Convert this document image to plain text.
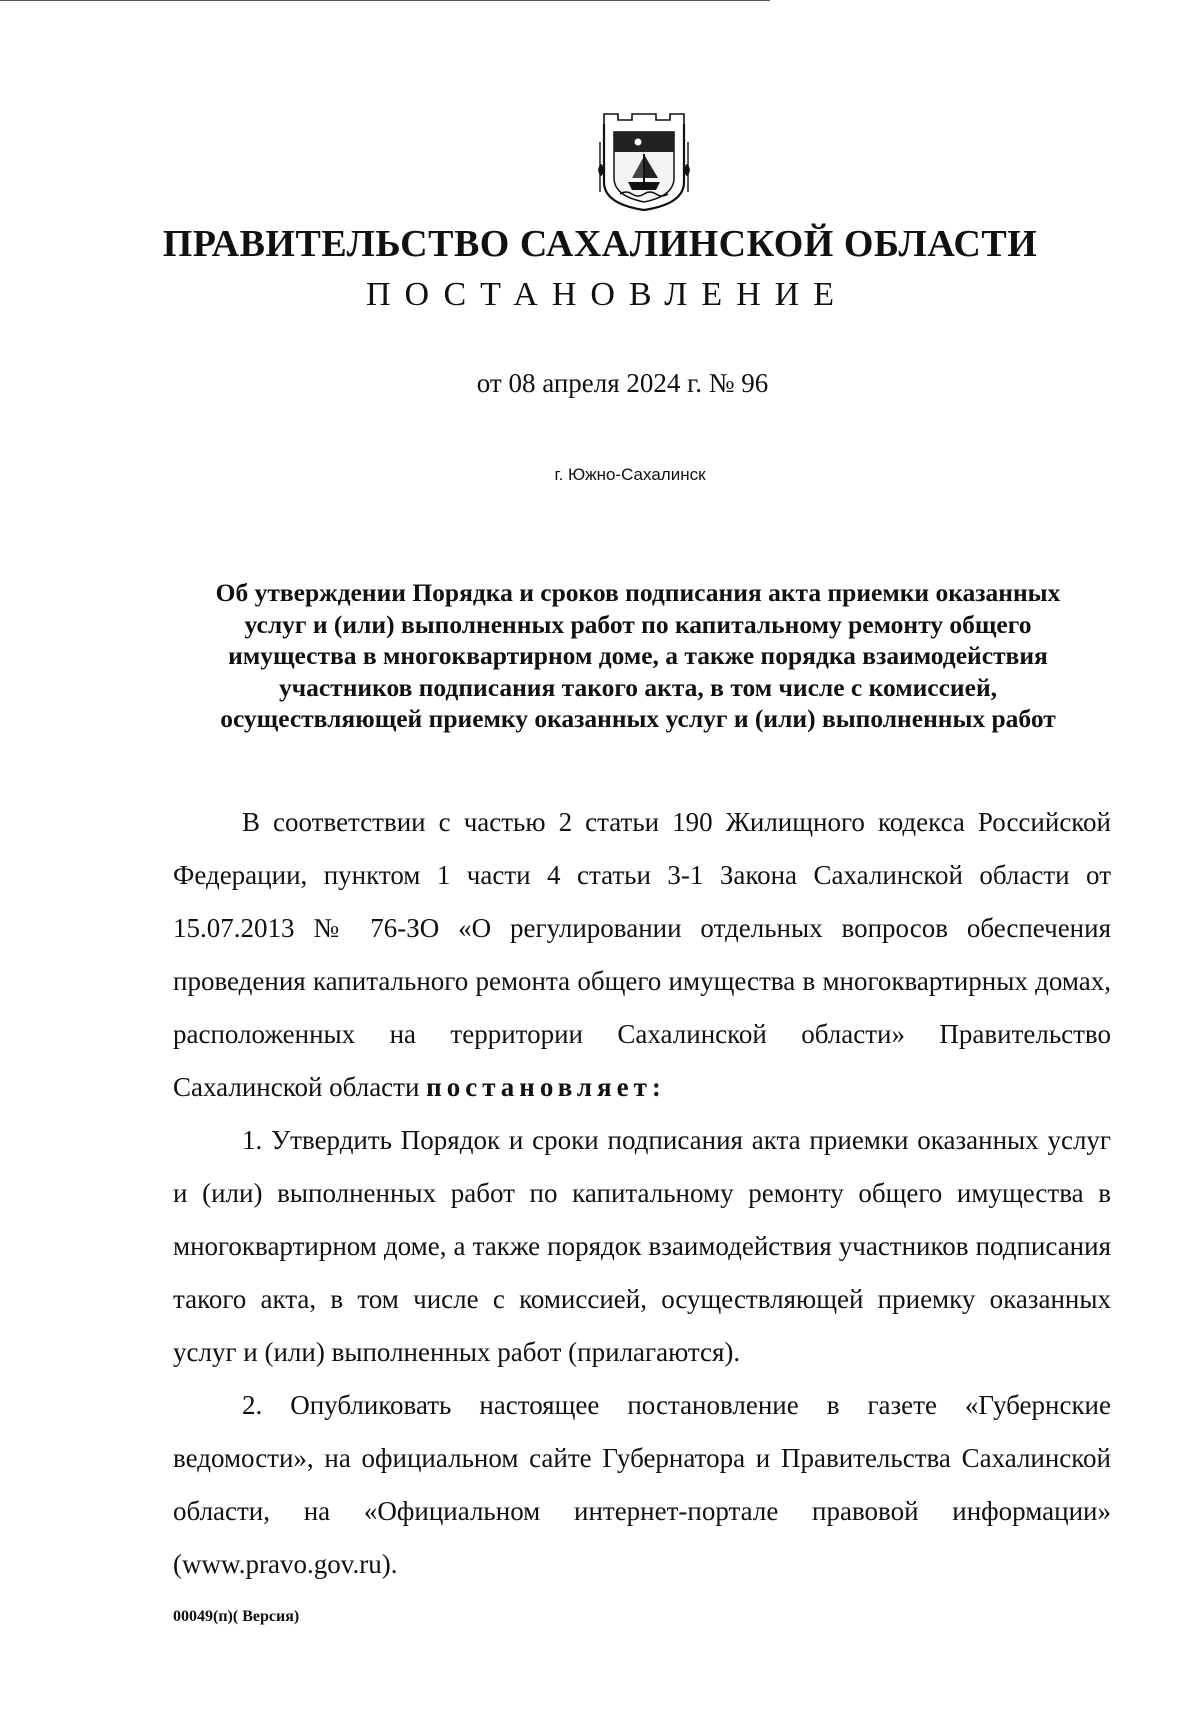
ПРАВИТЕЛЬСТВО САХАЛИНСКОЙ ОБЛАСТИ
ПОСТАНОВЛЕНИЕ
от 08 апреля 2024 г. № 96
г. Южно-Сахалинск
Об утверждении Порядка и сроков подписания акта приемки оказанных
услуг и (или) выполненных работ по капитальному ремонту общего
имущества в многоквартирном доме, а также порядка взаимодействия
участников подписания такого акта, в том числе с комиссией,
осуществляющей приемку оказанных услуг и (или) выполненных работ

В соответствии с частью 2 статьи 190 Жилищного кодекса Российской Федерации, пунктом 1 части 4 статьи 3-1 Закона Сахалинской области от 15.07.2013 № 76-ЗО «О регулировании отдельных вопросов обеспечения проведения капитального ремонта общего имущества в многоквартирных домах, расположенных на территории Сахалинской области» Правительство Сахалинской области постановляет:

1. Утвердить Порядок и сроки подписания акта приемки оказанных услуг и (или) выполненных работ по капитальному ремонту общего имущества в многоквартирном доме, а также порядок взаимодействия участников подписания такого акта, в том числе с комиссией, осуществляющей приемку оказанных услуг и (или) выполненных работ (прилагаются).

2. Опубликовать настоящее постановление в газете «Губернские ведомости», на официальном сайте Губернатора и Правительства Сахалинской области, на «Официальном интернет-портале правовой информации» (www.pravo.gov.ru).

00049(п)( Версия)
